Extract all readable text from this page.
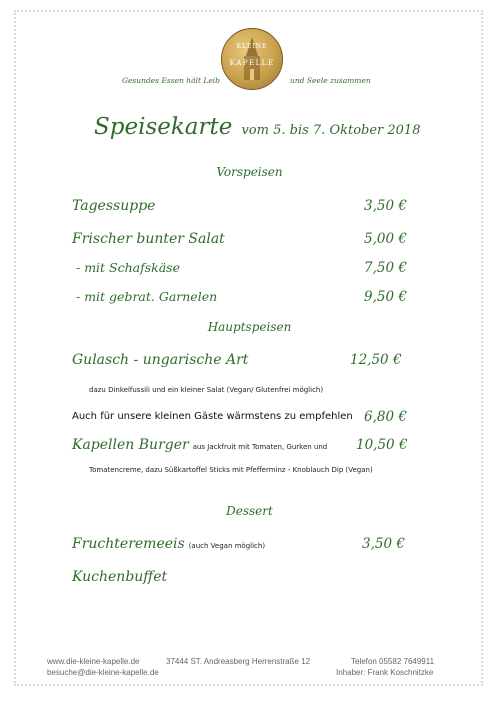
KLEINE
KAPELLE
Gesundes Essen hält Leib	und Seele zusammen
Speisekarte vom 5. bis 7. Oktober 2018
Vorspeisen
Tagessuppe	3,50 €
Frischer bunter Salat	5,00 €
- mit Schafskäse	7,50 €
- mit gebrat. Garnelen	9,50 €
Hauptspeisen
Gulasch - ungarische Art	12,50 €
dazu Dinkelfussili und ein kleiner Salat (Vegan/ Glutenfrei möglich)
Auch für unsere kleinen Gäste wärmstens zu empfehlen 6,80 €
Kapellen Burger aus Jackfruit mit Tomaten, Gurken und 10,50 €
Tomatencreme, dazu Süßkartoffel Sticks mit Pfefferminz - Knoblauch Dip (Vegan)
Dessert
Fruchteremeeis (auch Vegan möglich)	3,50 €
Kuchenbuffet
www.die-kleine-kapelle.de
besuche@die-kleine-kapelle.de
37444 ST. Andreasberg Herrenstraße 12	Telefon 05582 7649911
Inhaber: Frank Koschnitzke
